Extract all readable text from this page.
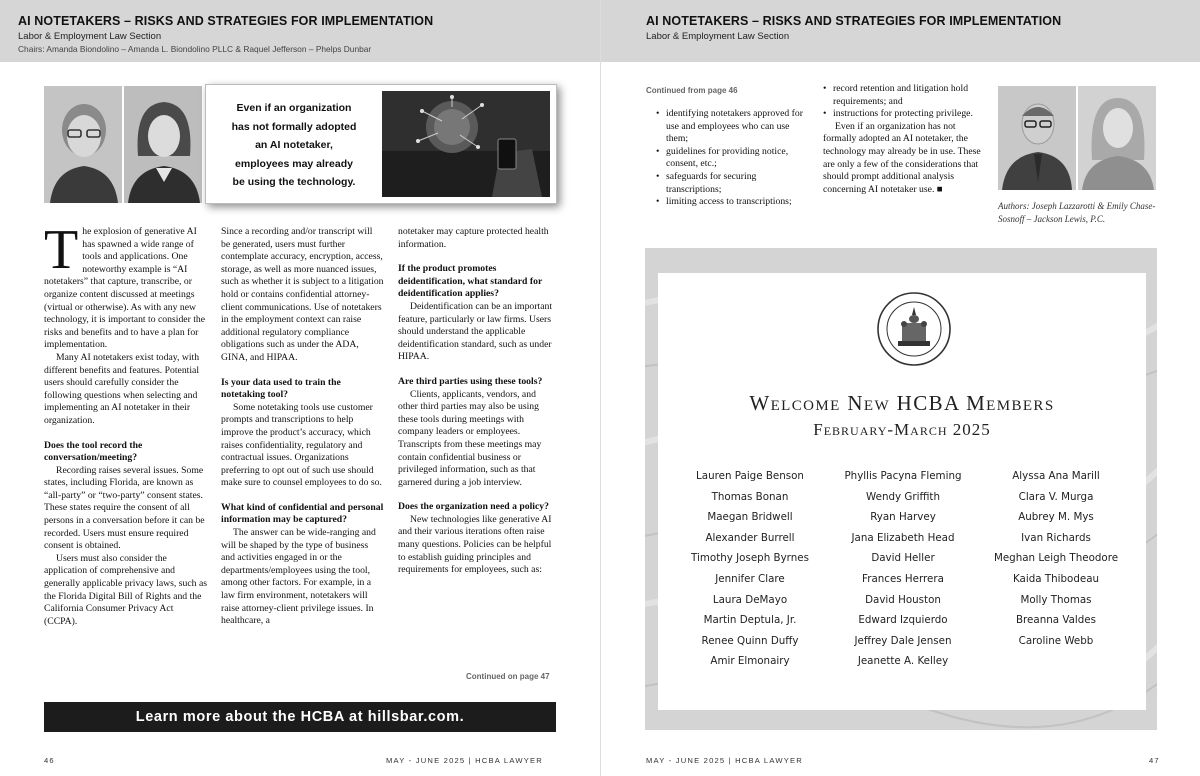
AI NOTETAKERS – RISKS AND STRATEGIES FOR IMPLEMENTATION
Labor & Employment Law Section
Chairs: Amanda Biondolino – Amanda L. Biondolino PLLC & Raquel Jefferson – Phelps Dunbar
Even if an organization
has not formally adopted
an AI notetaker,
employees may already
be using the technology.

The explosion of generative AI has spawned a wide range of tools and applications. One noteworthy example is “AI notetakers” that capture, transcribe, or organize content discussed at meetings (virtual or otherwise). As with any new technology, it is important to consider the risks and benefits and to have a plan for implementation.

Many AI notetakers exist today, with different benefits and features. Potential users should carefully consider the following questions when selecting and implementing an AI notetaker in their organization.

Does the tool record the conversation/meeting?

Recording raises several issues. Some states, including Florida, are known as “all-party” or “two-party” consent states. These states require the consent of all persons in a conversation before it can be recorded. Users must ensure required consent is obtained.

Users must also consider the application of comprehensive and generally applicable privacy laws, such as the Florida Digital Bill of Rights and the California Consumer Privacy Act (CCPA).

Since a recording and/or transcript will be generated, users must further contemplate accuracy, encryption, access, storage, as well as more nuanced issues, such as whether it is subject to a litigation hold or contains confidential attorney-client communications. Use of notetakers in the employment context can raise additional regulatory compliance obligations such as under the ADA, GINA, and HIPAA.

Is your data used to train the notetaking tool?

Some notetaking tools use customer prompts and transcriptions to help improve the product’s accuracy, which raises confidentiality, regulatory and contractual issues. Organizations preferring to opt out of such use should make sure to counsel employees to do so.

What kind of confidential and personal information may be captured?

The answer can be wide-ranging and will be shaped by the type of business and activities engaged in or the departments/employees using the tool, among other factors. For example, in a law firm environment, notetakers will raise attorney-client privilege issues. In healthcare, a

notetaker may capture protected health information.

If the product promotes deidentification, what standard for deidentification applies?

Deidentification can be an important feature, particularly or law firms. Users should understand the applicable deidentification standard, such as under HIPAA.

Are third parties using these tools?

Clients, applicants, vendors, and other third parties may also be using these tools during meetings with company leaders or employees. Transcripts from these meetings may contain confidential business or privileged information, such as that garnered during a job interview.

Does the organization need a policy?

New technologies like generative AI and their various iterations often raise many questions. Policies can be helpful to establish guiding principles and requirements for employees, such as:

Continued on page 47
Learn more about the HCBA at hillsbar.com.
46	MAY - JUNE 2025 | HCBA LAWYER
AI NOTETAKERS – RISKS AND STRATEGIES FOR IMPLEMENTATION
Labor & Employment Law Section
Continued from page 46
• identifying notetakers approved for use and employees who can use them;
• guidelines for providing notice, consent, etc.;
• safeguards for securing transcriptions;
• limiting access to transcriptions;
• record retention and litigation hold requirements; and
• instructions for protecting privilege.

Even if an organization has not formally adopted an AI notetaker, the technology may already be in use. These are only a few of the considerations that should prompt additional analysis concerning AI notetaker use. ■

Authors: Joseph Lazzarotti & Emily Chase-Sosnoff – Jackson Lewis, P.C.
Welcome New HCBA Members
February-March 2025
Lauren Paige Benson
Thomas Bonan
Maegan Bridwell
Alexander Burrell
Timothy Joseph Byrnes
Jennifer Clare
Laura DeMayo
Martin Deptula, Jr.
Renee Quinn Duffy
Amir Elmonairy
Phyllis Pacyna Fleming
Wendy Griffith
Ryan Harvey
Jana Elizabeth Head
David Heller
Frances Herrera
David Houston
Edward Izquierdo
Jeffrey Dale Jensen
Jeanette A. Kelley
Alyssa Ana Marill
Clara V. Murga
Aubrey M. Mys
Ivan Richards
Meghan Leigh Theodore
Kaida Thibodeau
Molly Thomas
Breanna Valdes
Caroline Webb
MAY - JUNE 2025 | HCBA LAWYER	47
